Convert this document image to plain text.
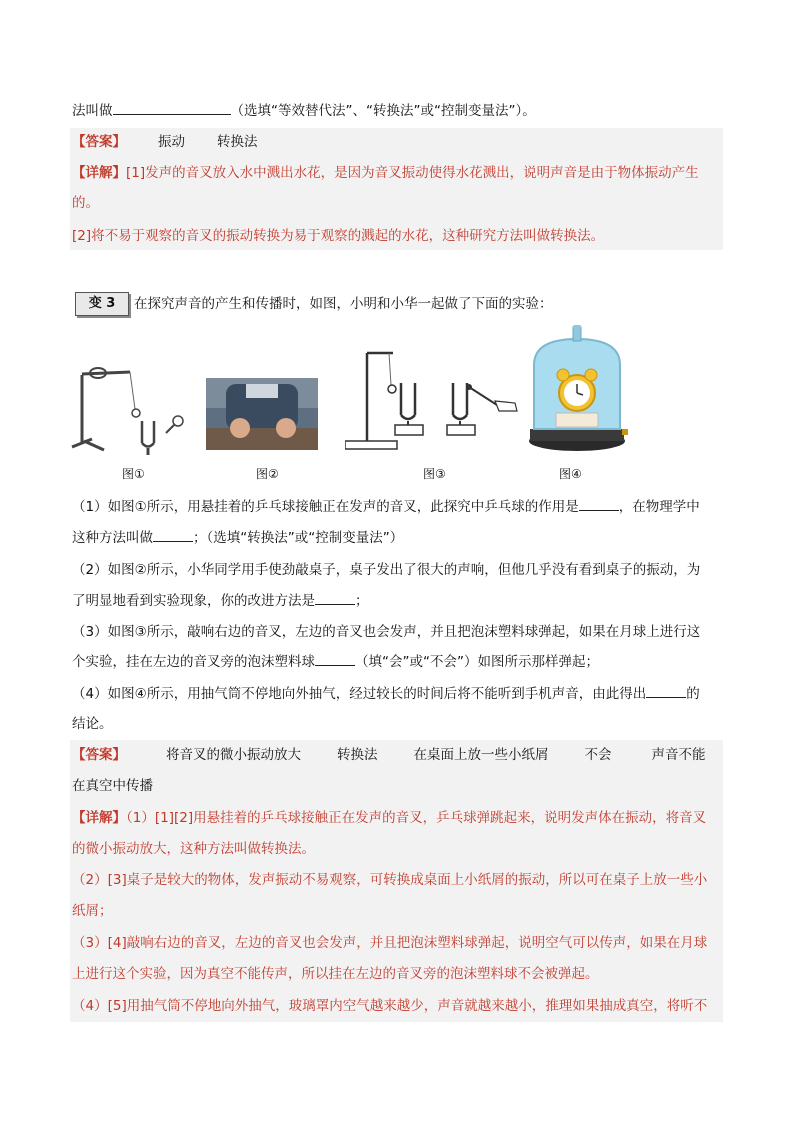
法叫做	（选填“等效替代法”、“转换法”或“控制变量法”）。
【答案】 振动 转换法
【详解】[1]发声的音叉放入水中溅出水花，是因为音叉振动使得水花溅出，说明声音是由于物体振动产生
的。
[2]将不易于观察的音叉的振动转换为易于观察的溅起的水花，这种研究方法叫做转换法。
变 3	在探究声音的产生和传播时，如图，小明和小华一起做了下面的实验：
图①	图②	图③	图④
（1）如图①所示，用悬挂着的乒乓球接触正在发声的音叉，此探究中乒乓球的作用是	，在物理学中
这种方法叫做	；（选填“转换法”或“控制变量法”）
（2）如图②所示，小华同学用手使劲敲桌子，桌子发出了很大的声响，但他几乎没有看到桌子的振动，为
了明显地看到实验现象，你的改进方法是	；
（3）如图③所示，敲响右边的音叉，左边的音叉也会发声，并且把泡沫塑料球弹起，如果在月球上进行这
个实验，挂在左边的音叉旁的泡沫塑料球	（填“会”或“不会”）如图所示那样弹起；
（4）如图④所示，用抽气筒不停地向外抽气，经过较长的时间后将不能听到手机声音，由此得出	的
结论。
【答案】	将音叉的微小振动放大	转换法	在桌面上放一些小纸屑	不会	声音不能
在真空中传播
【详解】（1）[1][2]用悬挂着的乒乓球接触正在发声的音叉，乒乓球弹跳起来，说明发声体在振动，将音叉
的微小振动放大，这种方法叫做转换法。
（2）[3]桌子是较大的物体，发声振动不易观察，可转换成桌面上小纸屑的振动，所以可在桌子上放一些小
纸屑；
（3）[4]敲响右边的音叉，左边的音叉也会发声，并且把泡沫塑料球弹起，说明空气可以传声，如果在月球
上进行这个实验，因为真空不能传声，所以挂在左边的音叉旁的泡沫塑料球不会被弹起。
（4）[5]用抽气筒不停地向外抽气，玻璃罩内空气越来越少，声音就越来越小，推理如果抽成真空，将听不
